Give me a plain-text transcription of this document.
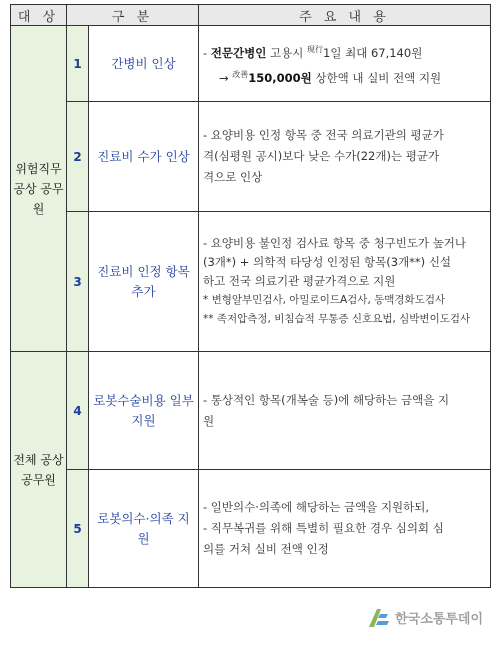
대 상	구 분		주 요 내 용
위험직무 공상 공무원	1	간병비 인상	- 전문간병인 고용시 $^{現行}$1일 최대 67,140원
→ $^{改善}$150,000원 상한액 내 실비 전액 지원

	2	진료비 수가 인상	- 요양비용 인정 항목 중 전국 의료기관의 평균가
격(심평원 공시)보다 낮은 수가(22개)는 평균가
격으로 인상

	3	진료비 인정 항목 추가	- 요양비용 불인정 검사료 항목 중 청구빈도가 높거나
(3개*) + 의학적 타당성 인정된 항목(3개**) 신설
하고 전국 의료기관 평균가격으로 지원
* 변형알부민검사, 아밀로이드A검사, 동맥경화도검사
** 족저압측정, 비침습적 무통증 신호요법, 심박변이도검사

전체 공상 공무원	4	로봇수술비용 일부 지원	- 통상적인 항목(개복술 등)에 해당하는 금액을 지
원

	5	로봇의수·의족 지원	- 일반의수·의족에 해당하는 금액을 지원하되,
- 직무복귀를 위해 특별히 필요한 경우 심의회 심
의를 거쳐 실비 전액 인정
한국소통투데이
